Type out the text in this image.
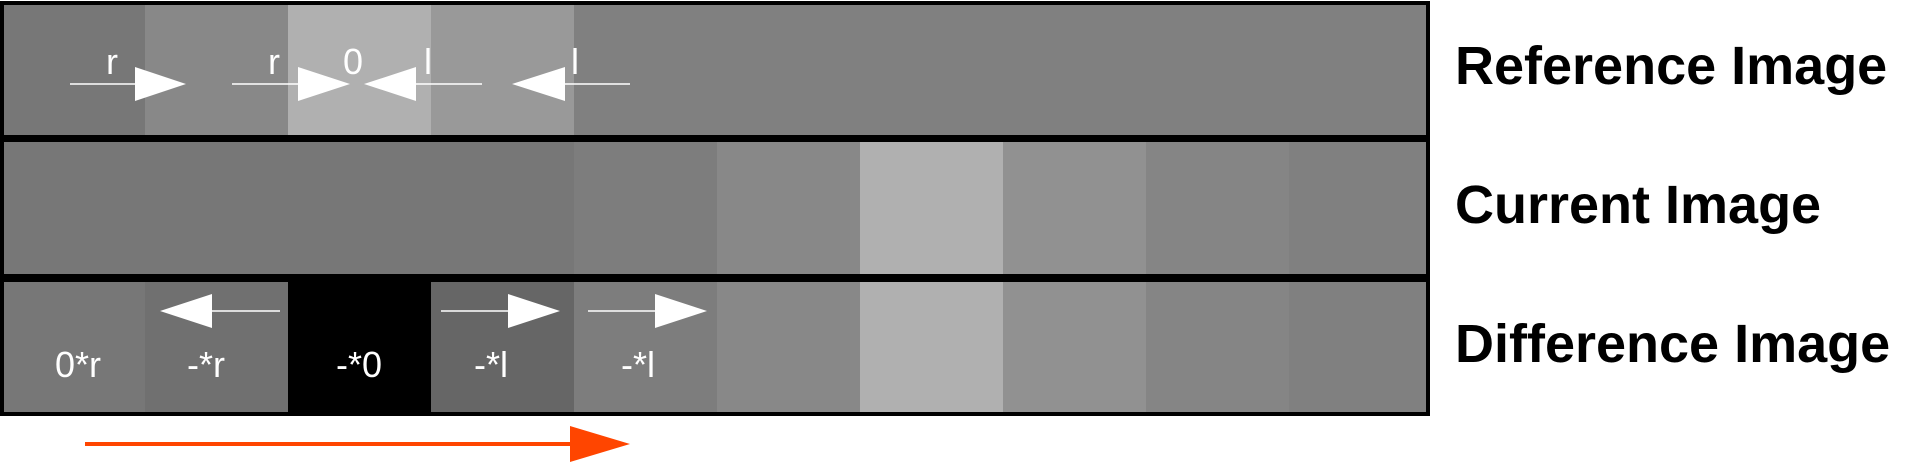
r	r 0 l	l
0*r -*r	-*0	-*l	-*l
Reference Image
Current Image
Difference Image
